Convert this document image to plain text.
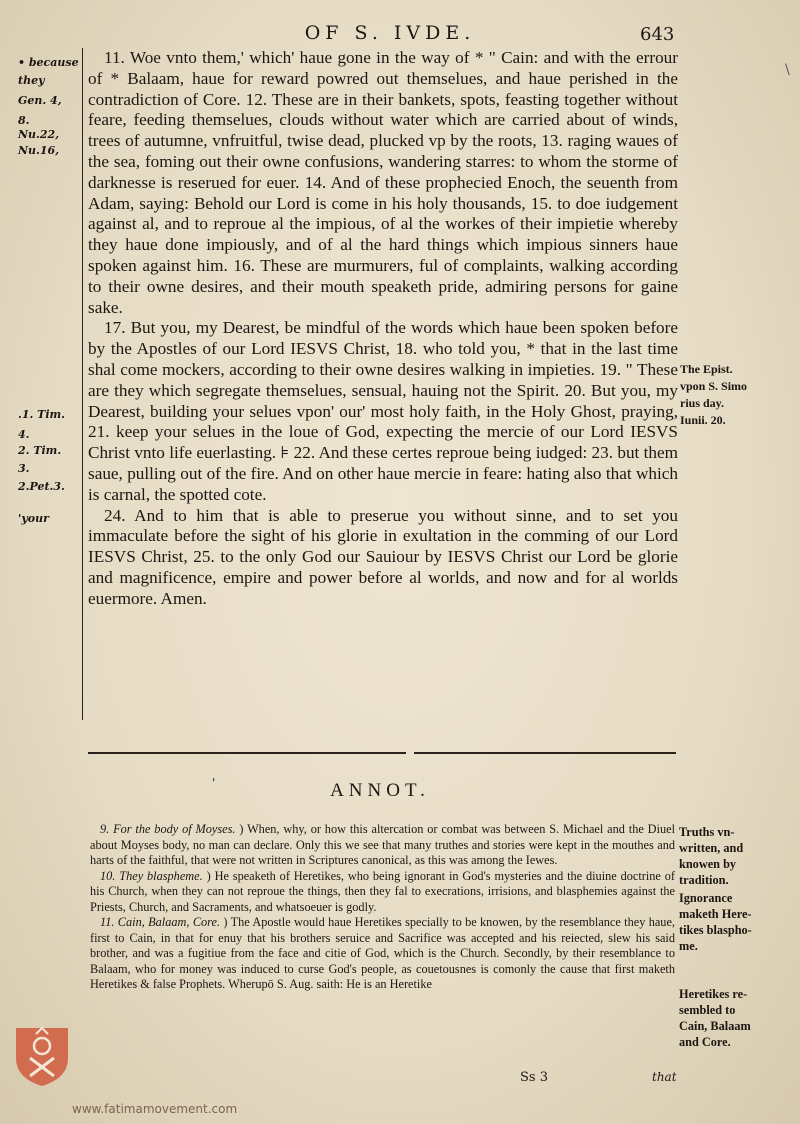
OF S. IVDE.	643
\
• because
they
Gen. 4,
8.
Nu.22,
Nu.16,
.1. Tim.
4.
2. Tim.
3.
2.Pet.3.
'your

11. Woe vnto them,' which' haue gone in the way of * " Cain: and with the errour of * Balaam, haue for reward powred out themselues, and haue perished in the contradiction of Core. 12. These are in their bankets, spots, feasting together without feare, feeding themselues, clouds without water which are carried about of winds, trees of autumne, vnfruitful, twise dead, plucked vp by the roots, 13. raging waues of the sea, foming out their owne confusions, wandering starres: to whom the storme of darknesse is reserued for euer. 14. And of these prophecied Enoch, the seuenth from Adam, saying: Behold our Lord is come in his holy thousands, 15. to doe iudgement against al, and to reproue al the impious, of al the workes of their impietie whereby they haue done impiously, and of al the hard things which impious sinners haue spoken against him. 16. These are murmurers, ful of complaints, walking according to their owne desires, and their mouth speaketh pride, admiring persons for gaine sake.

17. But you, my Dearest, be mindful of the words which haue been spoken before by the Apostles of our Lord IESVS Christ, 18. who told you, * that in the last time shal come mockers, according to their owne desires walking in impieties. 19. " These are they which segregate themselues, sensual, hauing not the Spirit. 20. But you, my Dearest, building your selues vpon' our' most holy faith, in the Holy Ghost, praying, 21. keep your selues in the loue of God, expecting the mercie of our Lord IESVS Christ vnto life euerlasting. ⊧ 22. And these certes reproue being iudged: 23. but them saue, pulling out of the fire. And on other haue mercie in feare: hating also that which is carnal, the spotted cote.

24. And to him that is able to preserue you without sinne, and to set you immaculate before the sight of his glorie in exultation in the comming of our Lord IESVS Christ, 25. to the only God our Sauiour by IESVS Christ our Lord be glorie and magnificence, empire and power before al worlds, and now and for al worlds euermore. Amen.

The Epist.
vpon S. Simo
rius day.
Iunii. 20.
'	ANNOT.

9. For the body of Moyses. ) When, why, or how this altercation or combat was between S. Michael and the Diuel about Moyses body, no man can declare. Only this we see that many truthes and stories were kept in the mouthes and harts of the faithful, that were not written in Scriptures canonical, as this was among the Iewes.

10. They blaspheme. ) He speaketh of Heretikes, who being ignorant in God's mysteries and the diuine doctrine of his Church, when they can not reproue the things, then they fal to execrations, irrisions, and blasphemies against the Priests, Church, and Sacraments, and whatsoeuer is godly.

11. Cain, Balaam, Core. ) The Apostle would haue Heretikes specially to be knowen, by the resemblance they haue, first to Cain, in that for enuy that his brothers seruice and Sacrifice was accepted and his reiected, slew his said brother, and was a fugitiue from the face and citie of God, which is the Church. Secondly, by their resemblance to Balaam, who for money was induced to curse God's people, as couetousnes is comonly the cause that first maketh Heretikes & false Prophets. Wherupō S. Aug. saith: He is an Heretike

Truths vn-
written, and
knowen by
tradition.
Ignorance
maketh Here-
tikes blaspho-
me.
Heretikes re-
sembled to
Cain, Balaam
and Core.
Ss 3	that
www.fatimamovement.com
